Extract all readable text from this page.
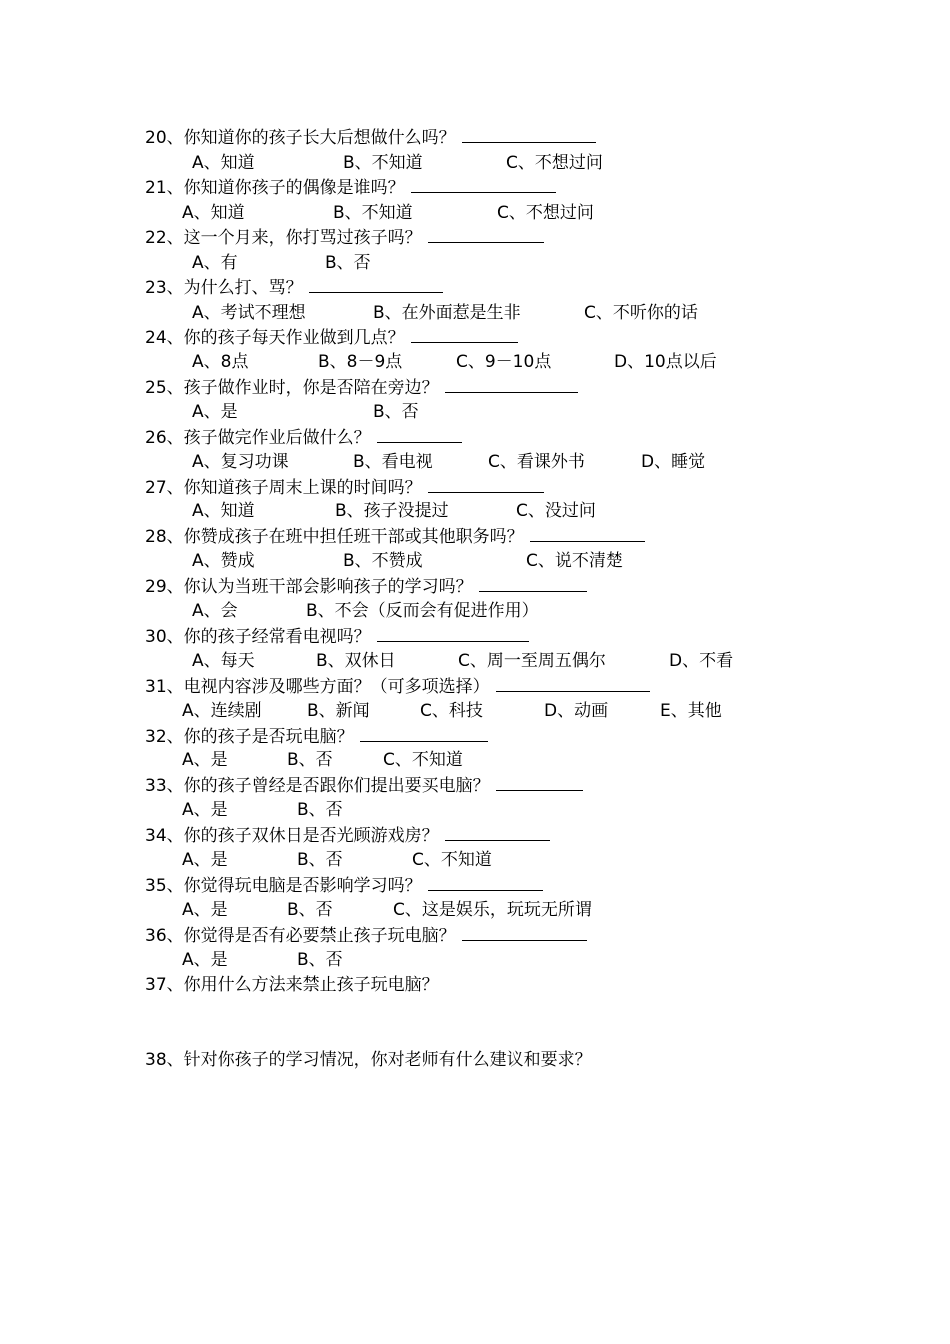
20、你知道你的孩子长大后想做什么吗？
A、知道	B、不知道	C、不想过问
21、你知道你孩子的偶像是谁吗？
A、知道	B、不知道	C、不想过问
22、这一个月来，你打骂过孩子吗？
A、有	B、否
23、为什么打、骂？
A、考试不理想	B、在外面惹是生非	C、不听你的话
24、你的孩子每天作业做到几点？
A、8点	B、8－9点	C、9－10点	D、10点以后
25、孩子做作业时，你是否陪在旁边？
A、是	B、否
26、孩子做完作业后做什么？
A、复习功课	B、看电视	C、看课外书	D、睡觉
27、你知道孩子周末上课的时间吗？
A、知道	B、孩子没提过	C、没过问
28、你赞成孩子在班中担任班干部或其他职务吗？
A、赞成	B、不赞成	C、说不清楚
29、你认为当班干部会影响孩子的学习吗？
A、会	B、不会（反而会有促进作用）
30、你的孩子经常看电视吗？
A、每天	B、双休日	C、周一至周五偶尔	D、不看
31、电视内容涉及哪些方面？（可多项选择）
A、连续剧	B、新闻	C、科技	D、动画	E、其他
32、你的孩子是否玩电脑？
A、是	B、否	C、不知道
33、你的孩子曾经是否跟你们提出要买电脑？
A、是	B、否
34、你的孩子双休日是否光顾游戏房？
A、是	B、否	C、不知道
35、你觉得玩电脑是否影响学习吗？
A、是	B、否	C、这是娱乐，玩玩无所谓
36、你觉得是否有必要禁止孩子玩电脑？
A、是	B、否
37、你用什么方法来禁止孩子玩电脑？
38、针对你孩子的学习情况，你对老师有什么建议和要求？
